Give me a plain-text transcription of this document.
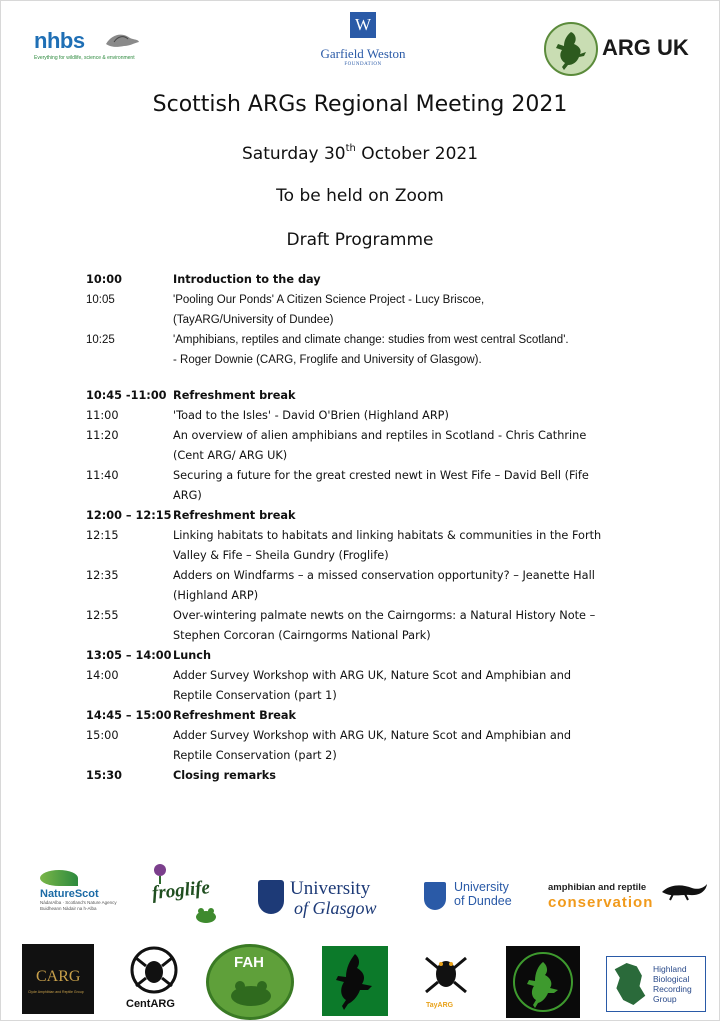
nhbs
Everything for wildlife, science & environment
W
Garfield Weston
FOUNDATION
ARG UK
Scottish ARGs Regional Meeting 2021
Saturday 30th October 2021
To be held on Zoom
Draft Programme
10:00	Introduction to the day
10:05	'Pooling Our Ponds' A Citizen Science Project - Lucy Briscoe,
(TayARG/University of Dundee)
10:25	'Amphibians, reptiles and climate change: studies from west central Scotland'.
- Roger Downie (CARG, Froglife and University of Glasgow).
10:45 -11:00 Refreshment break
11:00	'Toad to the Isles' - David O'Brien (Highland ARP)
11:20	An overview of alien amphibians and reptiles in Scotland - Chris Cathrine
(Cent ARG/ ARG UK)
11:40	Securing a future for the great crested newt in West Fife – David Bell (Fife
ARG)
12:00 – 12:15 Refreshment break
12:15	Linking habitats to habitats and linking habitats & communities in the Forth
Valley & Fife – Sheila Gundry (Froglife)
12:35	Adders on Windfarms – a missed conservation opportunity? – Jeanette Hall
(Highland ARP)
12:55	Over-wintering palmate newts on the Cairngorms: a Natural History Note –
Stephen Corcoran (Cairngorms National Park)
13:05 – 14:00 Lunch
14:00	Adder Survey Workshop with ARG UK, Nature Scot and Amphibian and
Reptile Conservation (part 1)
14:45 – 15:00 Refreshment Break
15:00	Adder Survey Workshop with ARG UK, Nature Scot and Amphibian and
Reptile Conservation (part 2)
15:30	Closing remarks
NatureScot
NàdarAlba · Scotland's Nature Agency
Buidheann Nàdair na h-Alba
froglife	University
of Glasgow
University
of Dundee
amphibian and reptile
conservation
CARG
Clyde Amphibian and Reptile Group
CentARG
FAH
TayARG
Highland
Biological
Recording
Group
